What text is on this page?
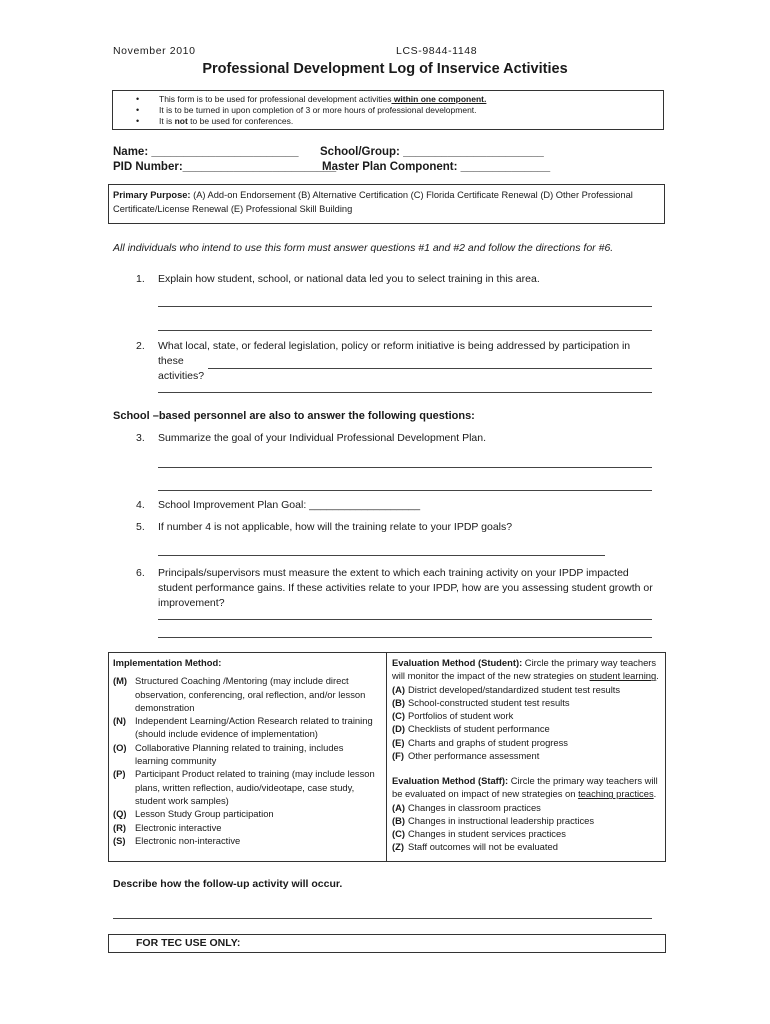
November 2010	LCS-9844-1148
Professional Development Log of Inservice Activities
• This form is to be used for professional development activities within one component.
• It is to be turned in upon completion of 3 or more hours of professional development.
• It is not to be used for conferences.
Name: _______________________ School/Group: ______________________
PID Number:________________________
Master Plan Component: ______________
Primary Purpose: (A) Add-on Endorsement (B) Alternative Certification (C) Florida Certificate Renewal (D) Other Professional
Certificate/License Renewal (E) Professional Skill Building
All individuals who intend to use this form must answer questions #1 and #2 and follow the directions for #6.
1. Explain how student, school, or national data led you to select training in this area.
2. What local, state, or federal legislation, policy or reform initiative is being addressed by participation in these
activities?
School –based personnel are also to answer the following questions:
3. Summarize the goal of your Individual Professional Development Plan.
4. School Improvement Plan Goal: ___________________
5. If number 4 is not applicable, how will the training relate to your IPDP goals?
6. Principals/supervisors must measure the extent to which each training activity on your IPDP impacted
student performance gains. If these activities relate to your IPDP, how are you assessing student growth or
improvement?
Implementation Method:
(M) Structured Coaching /Mentoring (may include direct observation, conferencing, oral reflection, and/or lesson demonstration
(N) Independent Learning/Action Research related to training (should include evidence of implementation)
(O) Collaborative Planning related to training, includes learning community
(P) Participant Product related to training (may include lesson plans, written reflection, audio/videotape, case study, student work samples)
(Q) Lesson Study Group participation
(R) Electronic interactive
(S) Electronic non-interactive
Evaluation Method (Student): Circle the primary way teachers will monitor the impact of the new strategies on student learning.
(A) District developed/standardized student test results
(B) School-constructed student test results
(C) Portfolios of student work
(D) Checklists of student performance
(E) Charts and graphs of student progress
(F) Other performance assessment
Evaluation Method (Staff): Circle the primary way teachers will be evaluated on impact of new strategies on teaching practices.
(A) Changes in classroom practices
(B) Changes in instructional leadership practices
(C) Changes in student services practices
(Z) Staff outcomes will not be evaluated
Describe how the follow-up activity will occur.
FOR TEC USE ONLY:
